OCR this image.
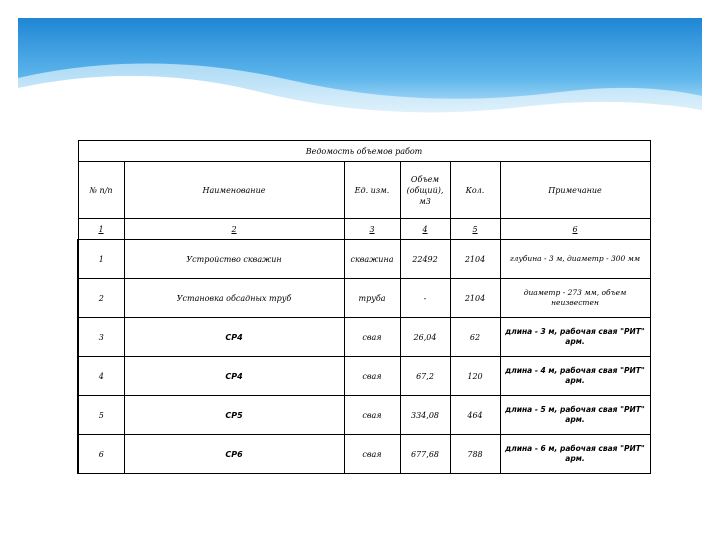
Ведомость объемов работ					
№ п/п	Наименование	Ед. изм.	Объем (общий), м3	Кол.	Примечание
1	2	3	4	5	6
1	Устройство скважин	скважина	22492	2104	глубина - 3 м, диаметр - 300 мм
2	Установка обсадных труб	труба	-	2104	диаметр - 273 мм, объем неизвестен
3	СР4	свая	26,04	62	длина - 3 м, рабочая свая "РИТ" арм.
4	СР4	свая	67,2	120	длина - 4 м, рабочая свая "РИТ" арм.
5	СР5	свая	334,08	464	длина - 5 м, рабочая свая "РИТ" арм.
6	СР6	свая	677,68	788	длина - 6 м, рабочая свая "РИТ" арм.
